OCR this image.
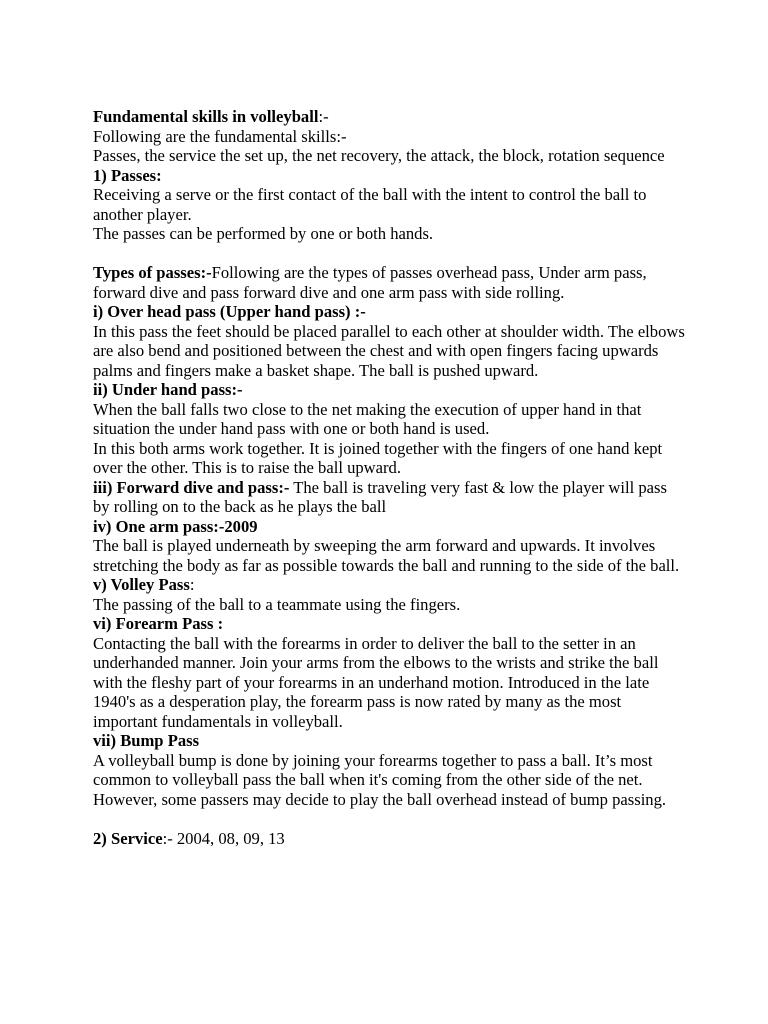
Fundamental skills in volleyball:-

Following are the fundamental skills:-

Passes, the service the set up, the net recovery, the attack, the block, rotation sequence

1) Passes:

Receiving a serve or the first contact of the ball with the intent to control the ball to another player.

The passes can be performed by one or both hands.

Types of passes:-Following are the types of passes overhead pass, Under arm pass, forward dive and pass forward dive and one arm pass with side rolling.

i) Over head pass (Upper hand pass) :-

In this pass the feet should be placed parallel to each other at shoulder width. The elbows are also bend and positioned between the chest and with open fingers facing upwards palms and fingers make a basket shape. The ball is pushed upward.

ii) Under hand pass:-

When the ball falls two close to the net making the execution of upper hand in that situation the under hand pass with one or both hand is used.

In this both arms work together. It is joined together with the fingers of one hand kept over the other. This is to raise the ball upward.

iii) Forward dive and pass:- The ball is traveling very fast & low the player will pass by rolling on to the back as he plays the ball

iv) One arm pass:-2009

The ball is played underneath by sweeping the arm forward and upwards. It involves stretching the body as far as possible towards the ball and running to the side of the ball.

v) Volley Pass:

The passing of the ball to a teammate using the fingers.

vi) Forearm Pass :

Contacting the ball with the forearms in order to deliver the ball to the setter in an underhanded manner. Join your arms from the elbows to the wrists and strike the ball with the fleshy part of your forearms in an underhand motion. Introduced in the late 1940's as a desperation play, the forearm pass is now rated by many as the most important fundamentals in volleyball.

vii) Bump Pass

A volleyball bump is done by joining your forearms together to pass a ball. It’s most common to volleyball pass the ball when it's coming from the other side of the net. However, some passers may decide to play the ball overhead instead of bump passing.

2) Service:- 2004, 08, 09, 13
